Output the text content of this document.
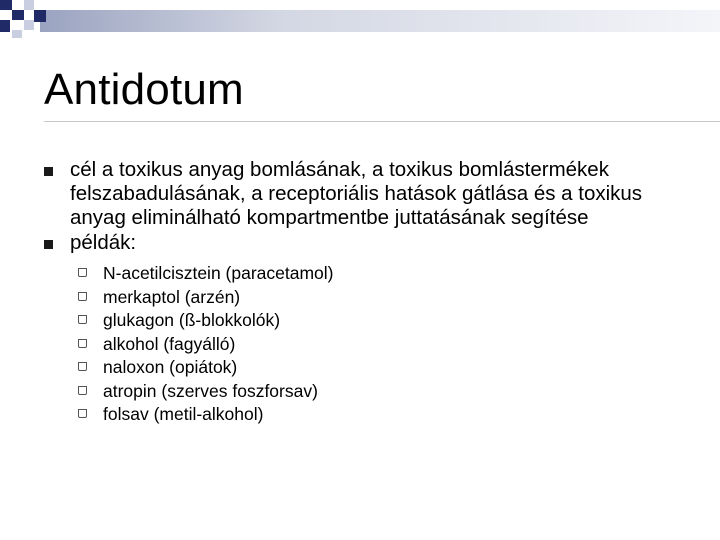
Antidotum
cél a toxikus anyag bomlásának, a toxikus bomlástermékek felszabadulásának, a receptoriális hatások gátlása és a toxikus anyag eliminálható kompartmentbe juttatásának segítése
példák:
N-acetilcisztein (paracetamol)
merkaptol (arzén)
glukagon (ß-blokkolók)
alkohol (fagyálló)
naloxon (opiátok)
atropin (szerves foszforsav)
folsav (metil-alkohol)
